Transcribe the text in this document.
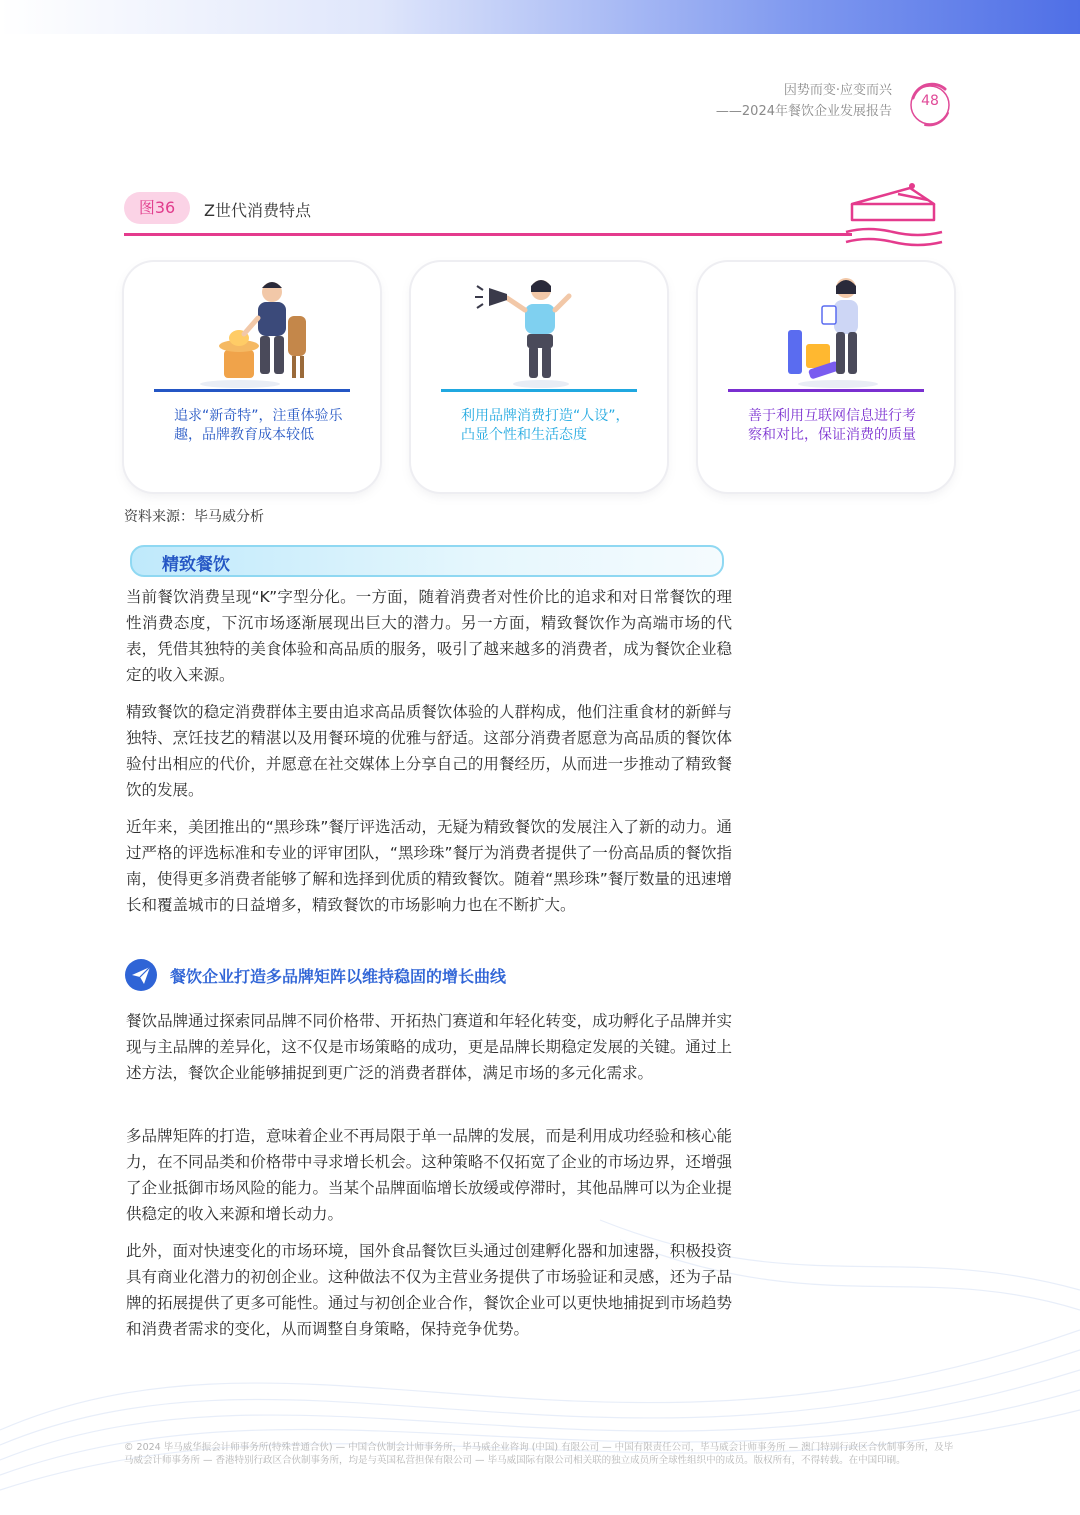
因势而变·应变而兴
——2024年餐饮企业发展报告
48
图36	Z世代消费特点
追求“新奇特”，注重体验乐趣，品牌教育成本较低
利用品牌消费打造“人设”，凸显个性和生活态度
善于利用互联网信息进行考察和对比，保证消费的质量
资料来源：毕马威分析
精致餐饮

当前餐饮消费呈现“K”字型分化。一方面，随着消费者对性价比的追求和对日常餐饮的理性消费态度，下沉市场逐渐展现出巨大的潜力。另一方面，精致餐饮作为高端市场的代表，凭借其独特的美食体验和高品质的服务，吸引了越来越多的消费者，成为餐饮企业稳定的收入来源。

精致餐饮的稳定消费群体主要由追求高品质餐饮体验的人群构成，他们注重食材的新鲜与独特、烹饪技艺的精湛以及用餐环境的优雅与舒适。这部分消费者愿意为高品质的餐饮体验付出相应的代价，并愿意在社交媒体上分享自己的用餐经历，从而进一步推动了精致餐饮的发展。

近年来，美团推出的“黑珍珠”餐厅评选活动，无疑为精致餐饮的发展注入了新的动力。通过严格的评选标准和专业的评审团队，“黑珍珠”餐厅为消费者提供了一份高品质的餐饮指南，使得更多消费者能够了解和选择到优质的精致餐饮。随着“黑珍珠”餐厅数量的迅速增长和覆盖城市的日益增多，精致餐饮的市场影响力也在不断扩大。

餐饮企业打造多品牌矩阵以维持稳固的增长曲线

餐饮品牌通过探索同品牌不同价格带、开拓热门赛道和年轻化转变，成功孵化子品牌并实现与主品牌的差异化，这不仅是市场策略的成功，更是品牌长期稳定发展的关键。通过上述方法，餐饮企业能够捕捉到更广泛的消费者群体，满足市场的多元化需求。

多品牌矩阵的打造，意味着企业不再局限于单一品牌的发展，而是利用成功经验和核心能力，在不同品类和价格带中寻求增长机会。这种策略不仅拓宽了企业的市场边界，还增强了企业抵御市场风险的能力。当某个品牌面临增长放缓或停滞时，其他品牌可以为企业提供稳定的收入来源和增长动力。

此外，面对快速变化的市场环境，国外食品餐饮巨头通过创建孵化器和加速器，积极投资具有商业化潜力的初创企业。这种做法不仅为主营业务提供了市场验证和灵感，还为子品牌的拓展提供了更多可能性。通过与初创企业合作，餐饮企业可以更快地捕捉到市场趋势和消费者需求的变化，从而调整自身策略，保持竞争优势。

© 2024 毕马威华振会计师事务所(特殊普通合伙) — 中国合伙制会计师事务所，毕马威企业咨询 (中国) 有限公司 — 中国有限责任公司，毕马威会计师事务所 — 澳门特别行政区合伙制事务所，及毕马威会计师事务所 — 香港特别行政区合伙制事务所，均是与英国私营担保有限公司 — 毕马威国际有限公司相关联的独立成员所全球性组织中的成员。版权所有，不得转载。在中国印刷。
